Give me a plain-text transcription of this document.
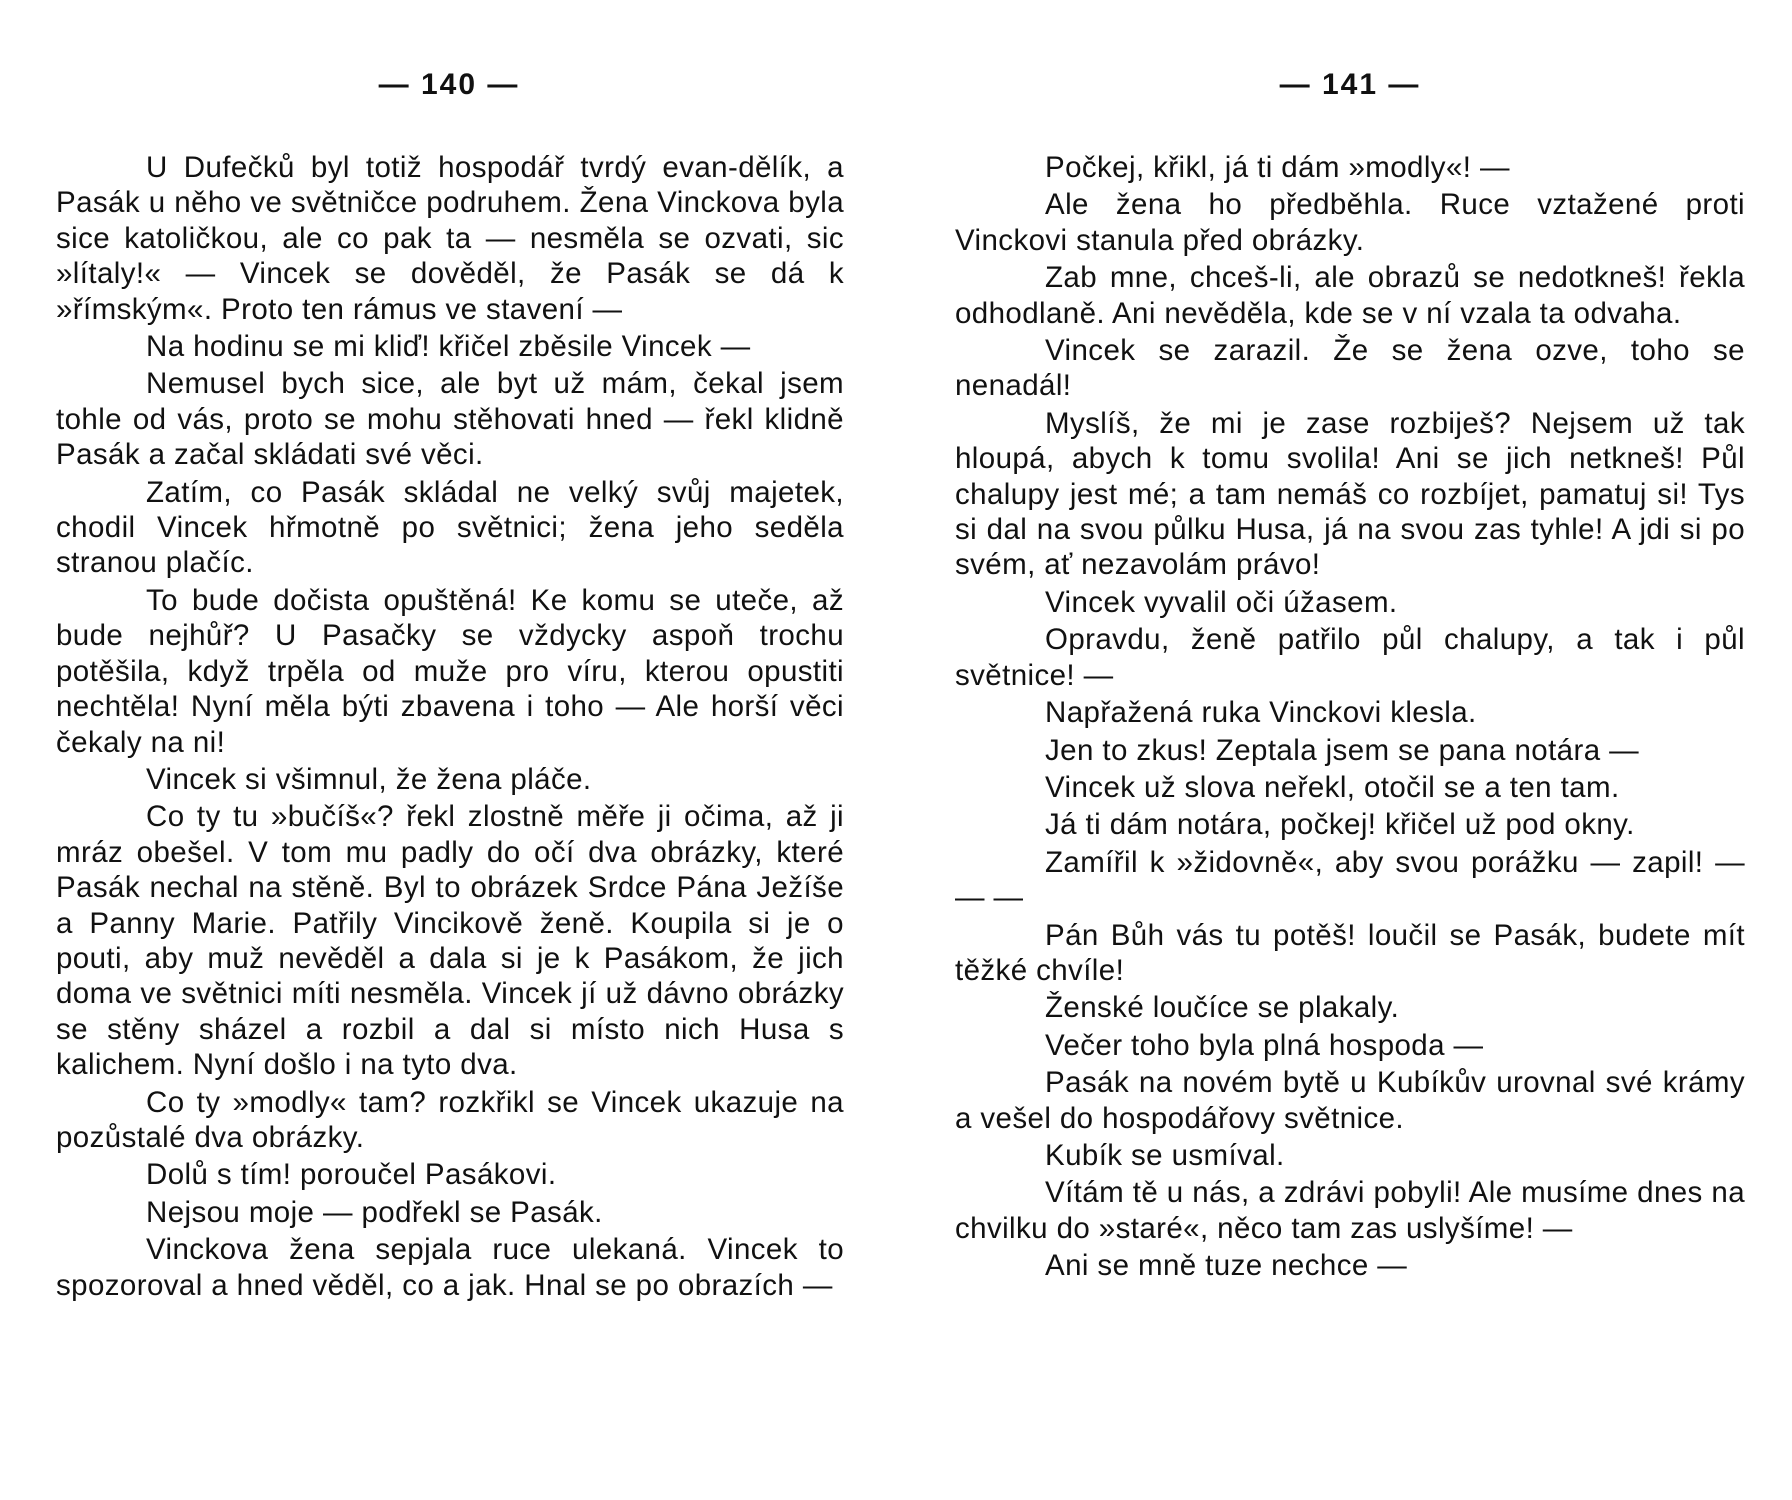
— 140 —

U Dufečků byl totiž hospodář tvrdý evan-dělík, a Pasák u něho ve světničce podruhem. Žena Vinckova byla sice katoličkou, ale co pak ta — nesměla se ozvati, sic »lítaly!« — Vincek se dověděl, že Pasák se dá k »římským«. Proto ten rámus ve stavení —

Na hodinu se mi kliď! křičel zběsile Vincek —

Nemusel bych sice, ale byt už mám, čekal jsem tohle od vás, proto se mohu stěhovati hned — řekl klidně Pasák a začal skládati své věci.

Zatím, co Pasák skládal ne velký svůj majetek, chodil Vincek hřmotně po světnici; žena jeho seděla stranou plačíc.

To bude dočista opuštěná! Ke komu se uteče, až bude nejhůř? U Pasačky se vždycky aspoň trochu potěšila, když trpěla od muže pro víru, kterou opustiti nechtěla! Nyní měla býti zbavena i toho — Ale horší věci čekaly na ni!

Vincek si všimnul, že žena pláče.

Co ty tu »bučíš«? řekl zlostně měře ji očima, až ji mráz obešel. V tom mu padly do očí dva obrázky, které Pasák nechal na stěně. Byl to obrázek Srdce Pána Ježíše a Panny Marie. Patřily Vincikově ženě. Koupila si je o pouti, aby muž nevěděl a dala si je k Pasákom, že jich doma ve světnici míti nesměla. Vincek jí už dávno obrázky se stěny sházel a rozbil a dal si místo nich Husa s kalichem. Nyní došlo i na tyto dva.

Co ty »modly« tam? rozkřikl se Vincek ukazuje na pozůstalé dva obrázky.

Dolů s tím! poroučel Pasákovi.

Nejsou moje — podřekl se Pasák.

Vinckova žena sepjala ruce ulekaná. Vincek to spozoroval a hned věděl, co a jak. Hnal se po obrazích —

— 141 —

Počkej, křikl, já ti dám »modly«! —

Ale žena ho předběhla. Ruce vztažené proti Vinckovi stanula před obrázky.

Zab mne, chceš-li, ale obrazů se nedotkneš! řekla odhodlaně. Ani nevěděla, kde se v ní vzala ta odvaha.

Vincek se zarazil. Že se žena ozve, toho se nenadál!

Myslíš, že mi je zase rozbiješ? Nejsem už tak hloupá, abych k tomu svolila! Ani se jich netkneš! Půl chalupy jest mé; a tam nemáš co rozbíjet, pamatuj si! Tys si dal na svou půlku Husa, já na svou zas tyhle! A jdi si po svém, ať nezavolám právo!

Vincek vyvalil oči úžasem.

Opravdu, ženě patřilo půl chalupy, a tak i půl světnice! —

Napřažená ruka Vinckovi klesla.

Jen to zkus! Zeptala jsem se pana notára —

Vincek už slova neřekl, otočil se a ten tam.

Já ti dám notára, počkej! křičel už pod okny.

Zamířil k »židovně«, aby svou porážku — zapil! — — —

Pán Bůh vás tu potěš! loučil se Pasák, budete mít těžké chvíle!

Ženské loučíce se plakaly.

Večer toho byla plná hospoda —

Pasák na novém bytě u Kubíkův urovnal své krámy a vešel do hospodářovy světnice.

Kubík se usmíval.

Vítám tě u nás, a zdrávi pobyli! Ale musíme dnes na chvilku do »staré«, něco tam zas uslyšíme! —

Ani se mně tuze nechce —
